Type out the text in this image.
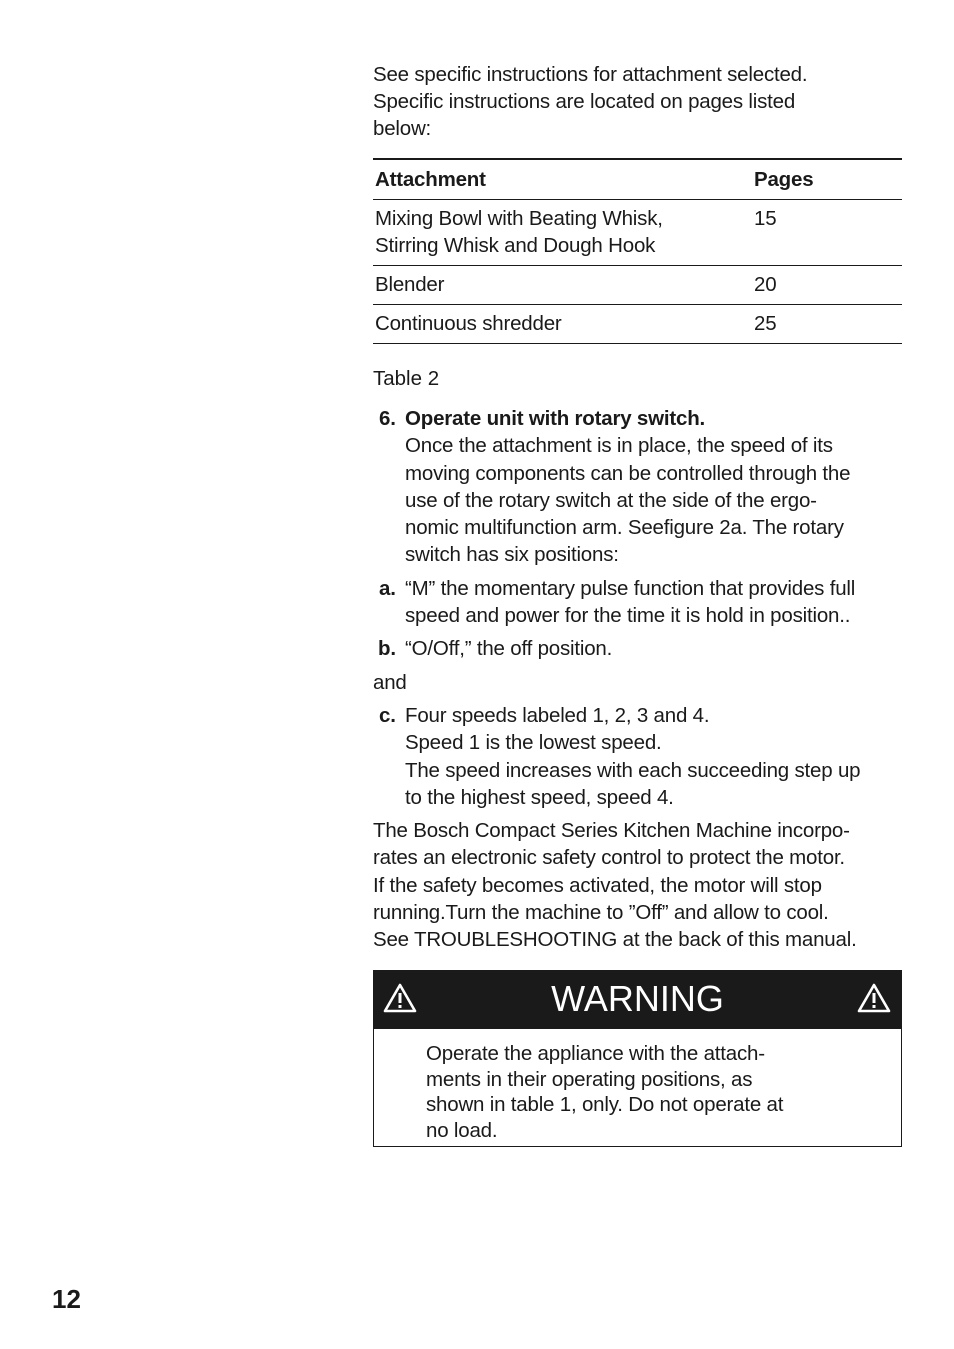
See specific instructions for attachment selected.

Specific instructions are located on pages listed

below:

Attachment	Pages

Mixing Bowl with Beating Whisk,
Stirring Whisk and Dough Hook	15
Blender	20
Continuous shredder	25
Table 2
6. Operate unit with rotary switch.
Once the attachment is in place, the speed of its
moving components can be controlled through the
use of the rotary switch at the side of the ergo-
nomic multifunction arm. Seefigure 2a. The rotary
switch has six positions:
a. “M” the momentary pulse function that provides full
speed and power for the time it is hold in position..
b. “O/Off,” the off position.
and
c. Four speeds labeled 1, 2, 3 and 4.
Speed 1 is the lowest speed.
The speed increases with each succeeding step up
to the highest speed, speed 4.
The Bosch Compact Series Kitchen Machine incorpo-
rates an electronic safety control to protect the motor.
If the safety becomes activated, the motor will stop
running.Turn the machine to ”Off” and allow to cool.
See TROUBLESHOOTING at the back of this manual.
WARNING
Operate the appliance with the attach-
ments in their operating positions, as
shown in table 1, only. Do not operate at
no load.
12
